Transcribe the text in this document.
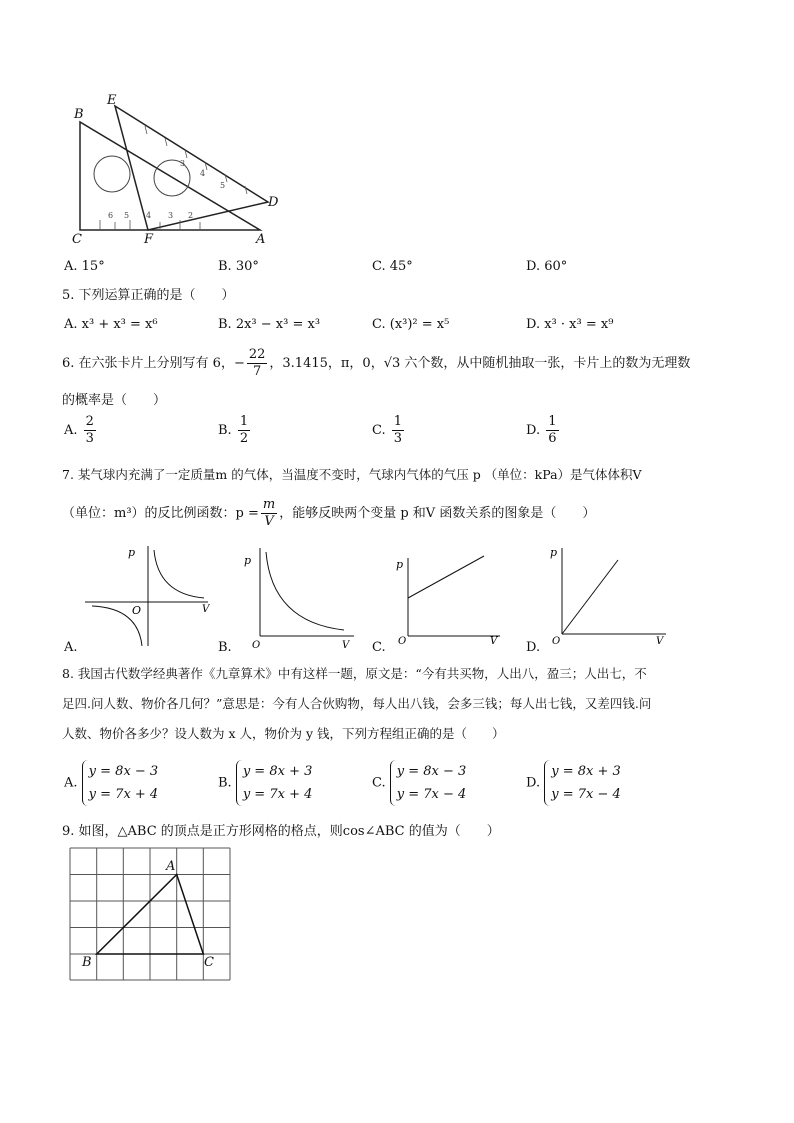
6 5 4 3 2
3
4
5
B
E
D
C	F	A
A. 15°	B. 30°	C. 45°	D. 60°
5. 下列运算正确的是（　　）
A. x³ + x³ = x⁶	B. 2x³ − x³ = x³	C. (x³)² = x⁵	D. x³ · x³ = x⁹
6. 在六张卡片上分别写有 6，− $\frac{22}{7}$ ，3.1415，π，0，√3 六个数，从中随机抽取一张，卡片上的数为无理数
的概率是（　　）
A. $\frac{2}{3}$	B. $\frac{1}{2}$	C. $\frac{1}{3}$	D. $\frac{1}{6}$
7. 某气球内充满了一定质量m 的气体，当温度不变时，气球内气体的气压 p （单位：kPa）是气体体积V
（单位：m³）的反比例函数：$p = \frac{m}{V}$ ，能够反映两个变量 p 和V 函数关系的图象是（　　）
p
O	V
A.
p
O	V
B.
p
O	V
C.
p
O	V
D.
8. 我国古代数学经典著作《九章算术》中有这样一题，原文是：“今有共买物，人出八，盈三；人出七，不
足四.问人数、物价各几何？”意思是：今有人合伙购物，每人出八钱，会多三钱；每人出七钱，又差四钱.问
人数、物价各多少？设人数为 x 人，物价为 y 钱，下列方程组正确的是（　　）
A.
y = 8x − 3
y = 7x + 4
B.
y = 8x + 3
y = 7x + 4
C.
y = 8x − 3
y = 7x − 4
D.
y = 8x + 3
y = 7x − 4
9. 如图，△ABC 的顶点是正方形网格的格点，则cos∠ABC 的值为（　　）
A
B	C
